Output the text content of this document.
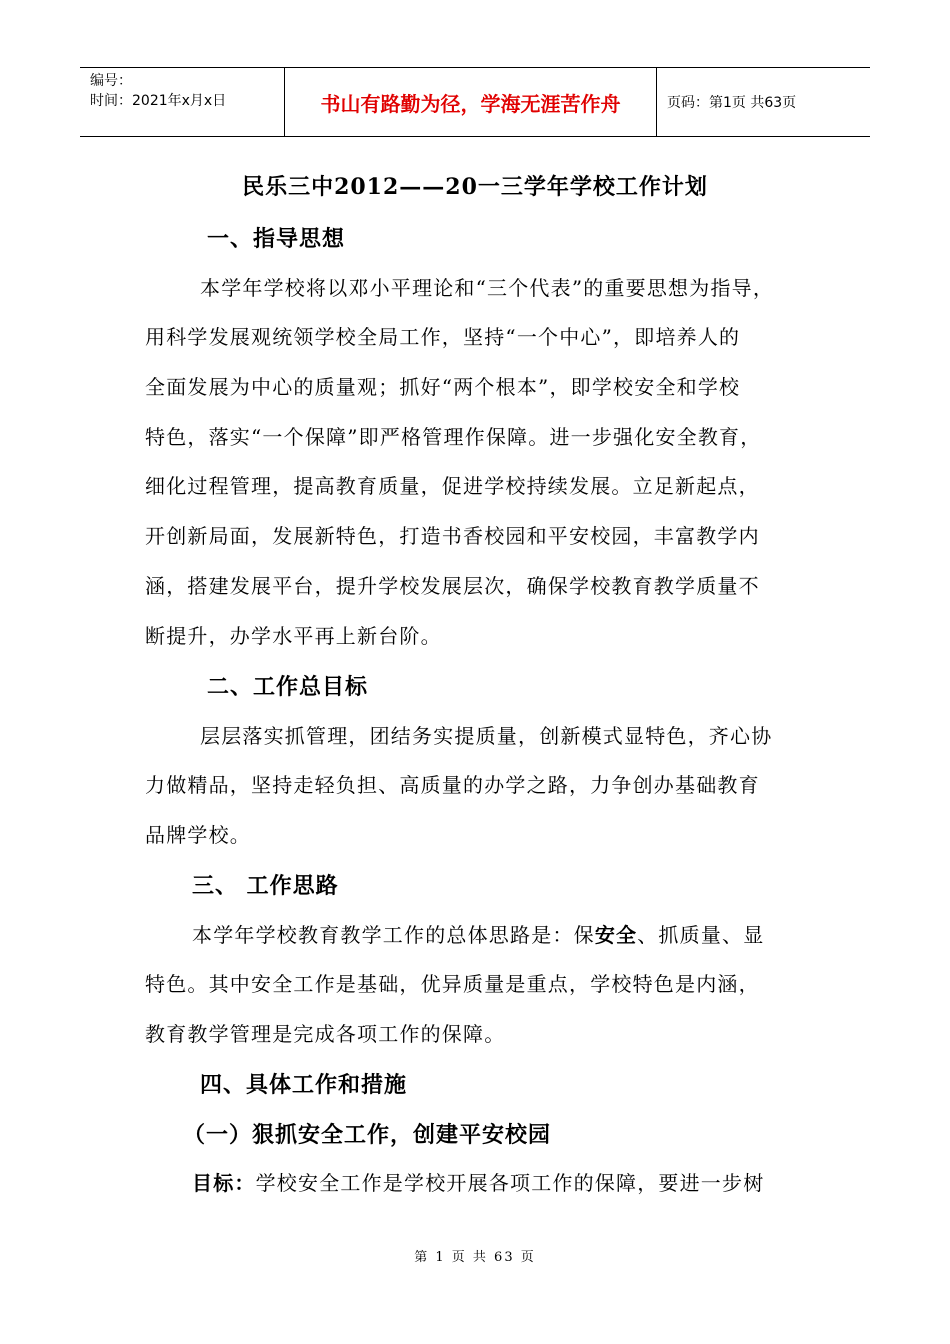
编号：
时间：2021年x月x日	书山有路勤为径，学海无涯苦作舟	页码：第1页 共63页
民乐三中2012——20一三学年学校工作计划
一、指导思想
本学年学校将以邓小平理论和“三个代表”的重要思想为指导，
用科学发展观统领学校全局工作，坚持“一个中心”，即培养人的
全面发展为中心的质量观；抓好“两个根本”，即学校安全和学校
特色，落实“一个保障”即严格管理作保障。进一步强化安全教育，
细化过程管理，提高教育质量，促进学校持续发展。立足新起点，
开创新局面，发展新特色，打造书香校园和平安校园，丰富教学内
涵，搭建发展平台，提升学校发展层次，确保学校教育教学质量不
断提升，办学水平再上新台阶。
二、工作总目标
层层落实抓管理，团结务实提质量，创新模式显特色，齐心协
力做精品，坚持走轻负担、高质量的办学之路，力争创办基础教育
品牌学校。
三、 工作思路
本学年学校教育教学工作的总体思路是：保安全、抓质量、显
特色。其中安全工作是基础，优异质量是重点，学校特色是内涵，
教育教学管理是完成各项工作的保障。
四、具体工作和措施
（一）狠抓安全工作，创建平安校园
目标：学校安全工作是学校开展各项工作的保障，要进一步树
第 1 页 共 63 页
